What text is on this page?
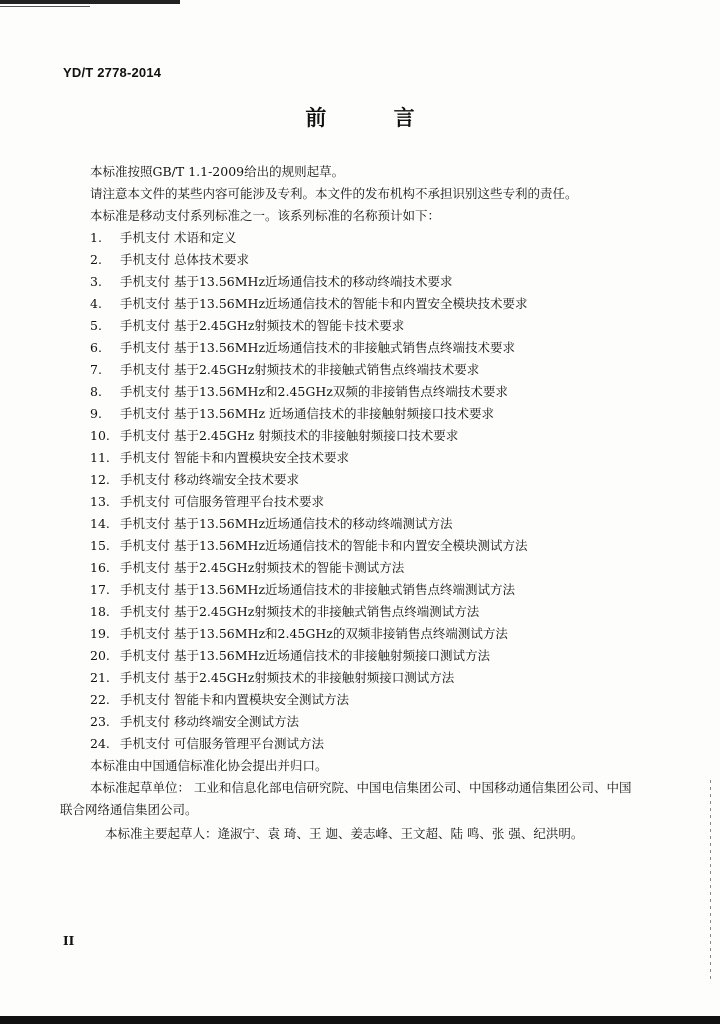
YD/T 2778-2014
前 言
本标准按照GB/T 1.1-2009给出的规则起草。
请注意本文件的某些内容可能涉及专利。本文件的发布机构不承担识别这些专利的责任。
本标准是移动支付系列标准之一。该系列标准的名称预计如下：
1. 手机支付 术语和定义
2. 手机支付 总体技术要求
3. 手机支付 基于13.56MHz近场通信技术的移动终端技术要求
4. 手机支付 基于13.56MHz近场通信技术的智能卡和内置安全模块技术要求
5. 手机支付 基于2.45GHz射频技术的智能卡技术要求
6. 手机支付 基于13.56MHz近场通信技术的非接触式销售点终端技术要求
7. 手机支付 基于2.45GHz射频技术的非接触式销售点终端技术要求
8. 手机支付 基于13.56MHz和2.45GHz双频的非接销售点终端技术要求
9. 手机支付 基于13.56MHz 近场通信技术的非接触射频接口技术要求
10. 手机支付 基于2.45GHz 射频技术的非接触射频接口技术要求
11. 手机支付 智能卡和内置模块安全技术要求
12. 手机支付 移动终端安全技术要求
13. 手机支付 可信服务管理平台技术要求
14. 手机支付 基于13.56MHz近场通信技术的移动终端测试方法
15. 手机支付 基于13.56MHz近场通信技术的智能卡和内置安全模块测试方法
16. 手机支付 基于2.45GHz射频技术的智能卡测试方法
17. 手机支付 基于13.56MHz近场通信技术的非接触式销售点终端测试方法
18. 手机支付 基于2.45GHz射频技术的非接触式销售点终端测试方法
19. 手机支付 基于13.56MHz和2.45GHz的双频非接销售点终端测试方法
20. 手机支付 基于13.56MHz近场通信技术的非接触射频接口测试方法
21. 手机支付 基于2.45GHz射频技术的非接触射频接口测试方法
22. 手机支付 智能卡和内置模块安全测试方法
23. 手机支付 移动终端安全测试方法
24. 手机支付 可信服务管理平台测试方法
本标准由中国通信标准化协会提出并归口。
本标准起草单位： 工业和信息化部电信研究院、中国电信集团公司、中国移动通信集团公司、中国
联合网络通信集团公司。
本标准主要起草人：逄淑宁、袁 琦、王 迦、姜志峰、王文超、陆 鸣、张 强、纪洪明。
II
